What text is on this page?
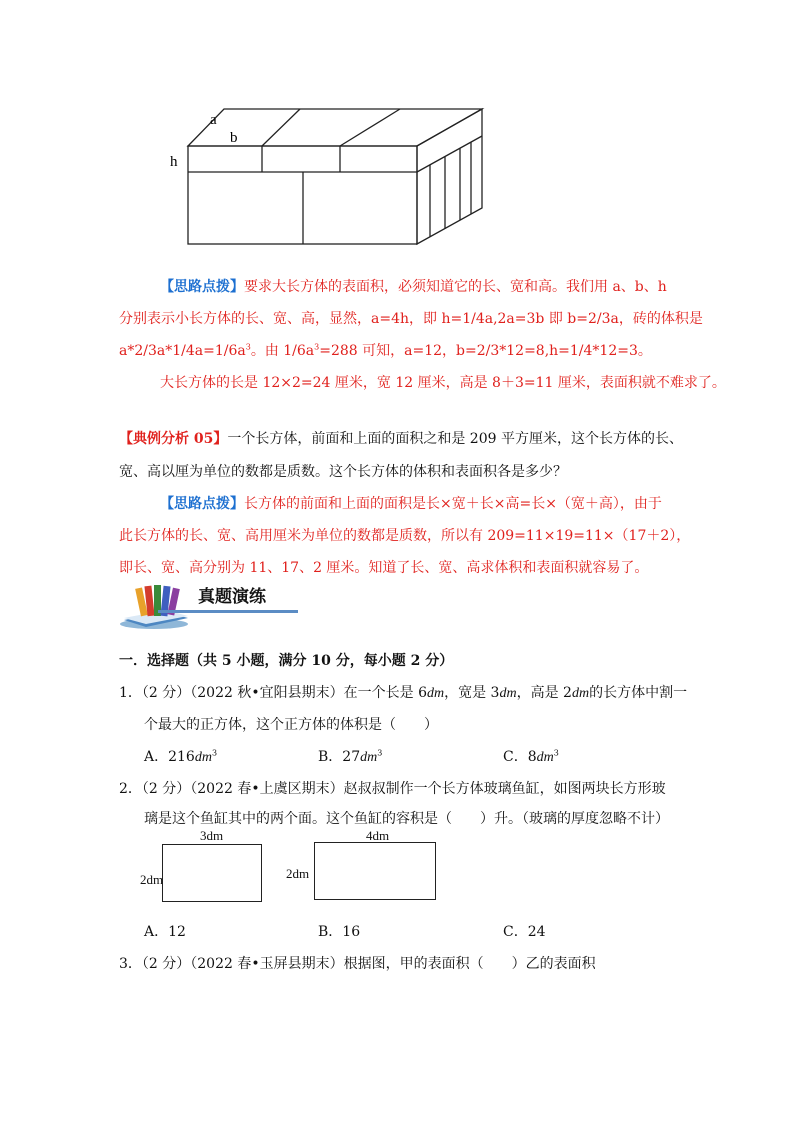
a
b
h
【思路点拨】要求大长方体的表面积，必须知道它的长、宽和高。我们用 a、b、h
分别表示小长方体的长、宽、高，显然，a=4h，即 h=1/4a,2a=3b 即 b=2/3a，砖的体积是
$a*2/3a*1/4a=1/6a^3$。由 $1/6a^3=288$ 可知，a=12，b=2/3*12=8,h=1/4*12=3。
大长方体的长是 12×2=24 厘米，宽 12 厘米，高是 8＋3=11 厘米，表面积就不难求了。
【典例分析 05】一个长方体，前面和上面的面积之和是 209 平方厘米，这个长方体的长、
宽、高以厘为单位的数都是质数。这个长方体的体积和表面积各是多少？
【思路点拨】长方体的前面和上面的面积是长×宽＋长×高=长×（宽＋高），由于
此长方体的长、宽、高用厘米为单位的数都是质数，所以有 209=11×19=11×（17＋2），
即长、宽、高分别为 11、17、2 厘米。知道了长、宽、高求体积和表面积就容易了。
真题演练
一．选择题（共 5 小题，满分 10 分，每小题 2 分）
1．（2 分）（2022 秋•宜阳县期末）在一个长是 6dm，宽是 3dm，高是 2dm的长方体中割一
个最大的正方体，这个正方体的体积是（　　）
A．$216dm^3$	B．$27dm^3$	C．$8dm^3$
2．（2 分）（2022 春•上虞区期末）赵叔叔制作一个长方体玻璃鱼缸，如图两块长方形玻
璃是这个鱼缸其中的两个面。这个鱼缸的容积是（　　）升。（玻璃的厚度忽略不计）
3dm
2dm
4dm
2dm
A．12	B．16	C．24
3．（2 分）（2022 春•玉屏县期末）根据图，甲的表面积（　　）乙的表面积
